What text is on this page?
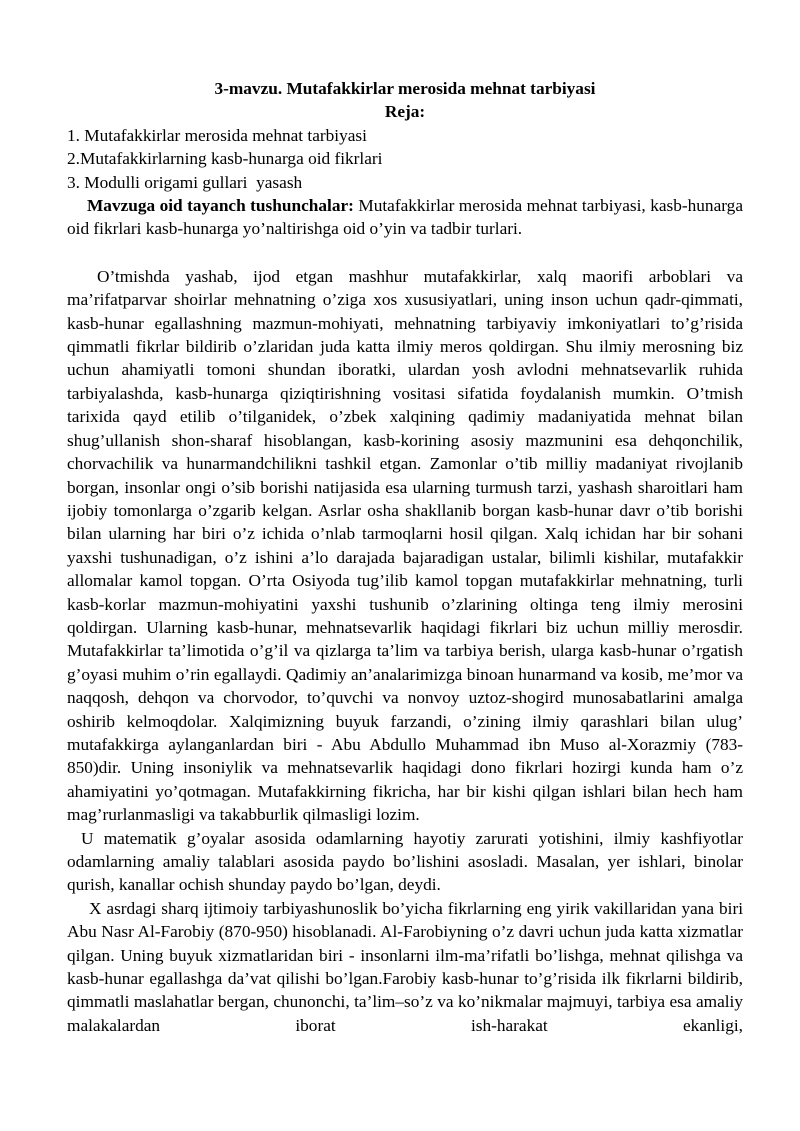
3-mavzu. Mutafakkirlar merosida mehnat tarbiyasi

Reja:

1. Mutafakkirlar merosida mehnat tarbiyasi
2.Mutafakkirlarning kasb-hunarga oid fikrlari
3. Modulli origami gullari  yasash

Mavzuga oid tayanch tushunchalar: Mutafakkirlar merosida mehnat tarbiyasi, kasb-hunarga oid fikrlari kasb-hunarga yo’naltirishga oid o’yin va tadbir turlari.

O’tmishda yashab, ijod etgan mashhur mutafakkirlar, xalq maorifi arboblari va ma’rifatparvar shoirlar mehnatning o’ziga xos xususiyatlari, uning inson uchun qadr-qimmati, kasb-hunar egallashning mazmun-mohiyati, mehnatning tarbiyaviy imkoniyatlari to’g’risida qimmatli fikrlar bildirib o’zlaridan juda katta ilmiy meros qoldirgan. Shu ilmiy merosning biz uchun ahamiyatli tomoni shundan iboratki, ulardan yosh avlodni mehnatsevarlik ruhida tarbiyalashda, kasb-hunarga qiziqtirishning vositasi sifatida foydalanish mumkin. O’tmish tarixida qayd etilib o’tilganidek, o’zbek xalqining qadimiy madaniyatida mehnat bilan shug’ullanish shon-sharaf hisoblangan, kasb-korining asosiy mazmunini esa dehqonchilik, chorvachilik va hunarmandchilikni tashkil etgan. Zamonlar o’tib milliy madaniyat rivojlanib borgan, insonlar ongi o’sib borishi natijasida esa ularning turmush tarzi, yashash sharoitlari ham ijobiy tomonlarga o’zgarib kelgan. Asrlar osha shakllanib borgan kasb-hunar davr o’tib borishi bilan ularning har biri o’z ichida o’nlab tarmoqlarni hosil qilgan. Xalq ichidan har bir sohani yaxshi tushunadigan, o’z ishini a’lo darajada bajaradigan ustalar, bilimli kishilar, mutafakkir allomalar kamol topgan. O’rta Osiyoda tug’ilib kamol topgan mutafakkirlar mehnatning, turli kasb-korlar mazmun-mohiyatini yaxshi tushunib o’zlarining oltinga teng ilmiy merosini qoldirgan. Ularning kasb-hunar, mehnatsevarlik haqidagi fikrlari biz uchun milliy merosdir. Mutafakkirlar ta’limotida o’g’il va qizlarga ta’lim va tarbiya berish, ularga kasb-hunar o’rgatish g’oyasi muhim o’rin egallaydi. Qadimiy an’analarimizga binoan hunarmand va kosib, me’mor va naqqosh, dehqon va chorvodor, to’quvchi va nonvoy uztoz-shogird munosabatlarini amalga oshirib kelmoqdolar. Xalqimizning buyuk farzandi, o’zining ilmiy qarashlari bilan ulug’ mutafakkirga aylanganlardan biri - Abu Abdullo Muhammad ibn Muso al-Xorazmiy (783-850)dir. Uning insoniylik va mehnatsevarlik haqidagi dono fikrlari hozirgi kunda ham o’z ahamiyatini yo’qotmagan. Mutafakkirning fikricha, har bir kishi qilgan ishlari bilan hech ham mag’rurlanmasligi va takabburlik qilmasligi lozim.

U matematik g’oyalar asosida odamlarning hayotiy zarurati yotishini, ilmiy kashfiyotlar odamlarning amaliy talablari asosida paydo bo’lishini asosladi. Masalan, yer ishlari, binolar qurish, kanallar ochish shunday paydo bo’lgan, deydi.

X asrdagi sharq ijtimoiy tarbiyashunoslik bo’yicha fikrlarning eng yirik vakillaridan yana biri Abu Nasr Al-Farobiy (870-950) hisoblanadi. Al-Farobiyning o’z davri uchun juda katta xizmatlar qilgan. Uning buyuk xizmatlaridan biri - insonlarni ilm-ma’rifatli bo’lishga, mehnat qilishga va kasb-hunar egallashga da’vat qilishi bo’lgan.Farobiy kasb-hunar to’g’risida ilk fikrlarni bildirib, qimmatli maslahatlar bergan, chunonchi, ta’lim–so’z va ko’nikmalar majmuyi, tarbiya esa amaliy malakalardan iborat ish-harakat ekanligi,
